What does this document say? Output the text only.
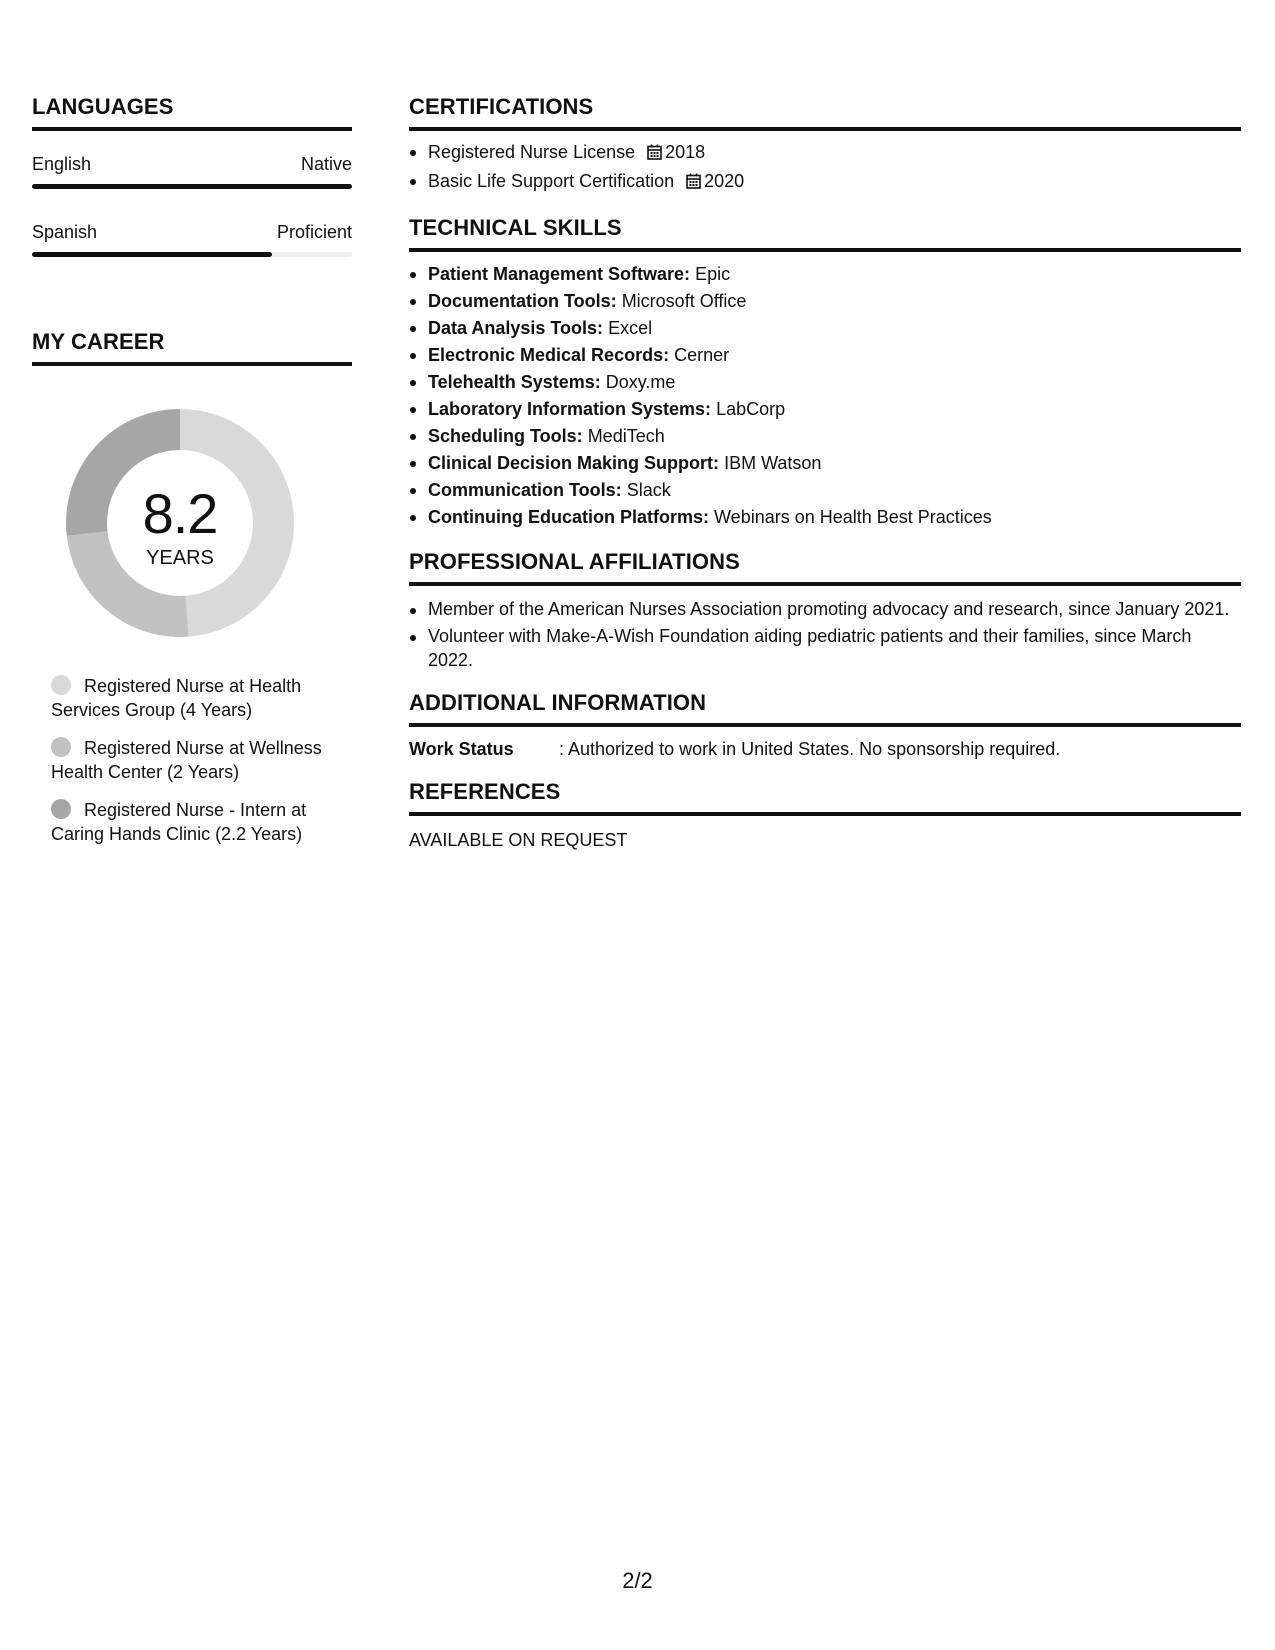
LANGUAGES
English	Native
Spanish	Proficient
MY CAREER
8.2
YEARS
Registered Nurse at Health Services Group (4 Years)
Registered Nurse at Wellness Health Center (2 Years)
Registered Nurse - Intern at Caring Hands Clinic (2.2 Years)
CERTIFICATIONS
Registered Nurse License 2018
Basic Life Support Certification 2020
TECHNICAL SKILLS
Patient Management Software: Epic
Documentation Tools: Microsoft Office
Data Analysis Tools: Excel
Electronic Medical Records: Cerner
Telehealth Systems: Doxy.me
Laboratory Information Systems: LabCorp
Scheduling Tools: MediTech
Clinical Decision Making Support: IBM Watson
Communication Tools: Slack
Continuing Education Platforms: Webinars on Health Best Practices
PROFESSIONAL AFFILIATIONS
Member of the American Nurses Association promoting advocacy and research, since January 2021.
Volunteer with Make-A-Wish Foundation aiding pediatric patients and their families, since March 2022.
ADDITIONAL INFORMATION
Work Status	: Authorized to work in United States. No sponsorship required.
REFERENCES
AVAILABLE ON REQUEST
2/2
